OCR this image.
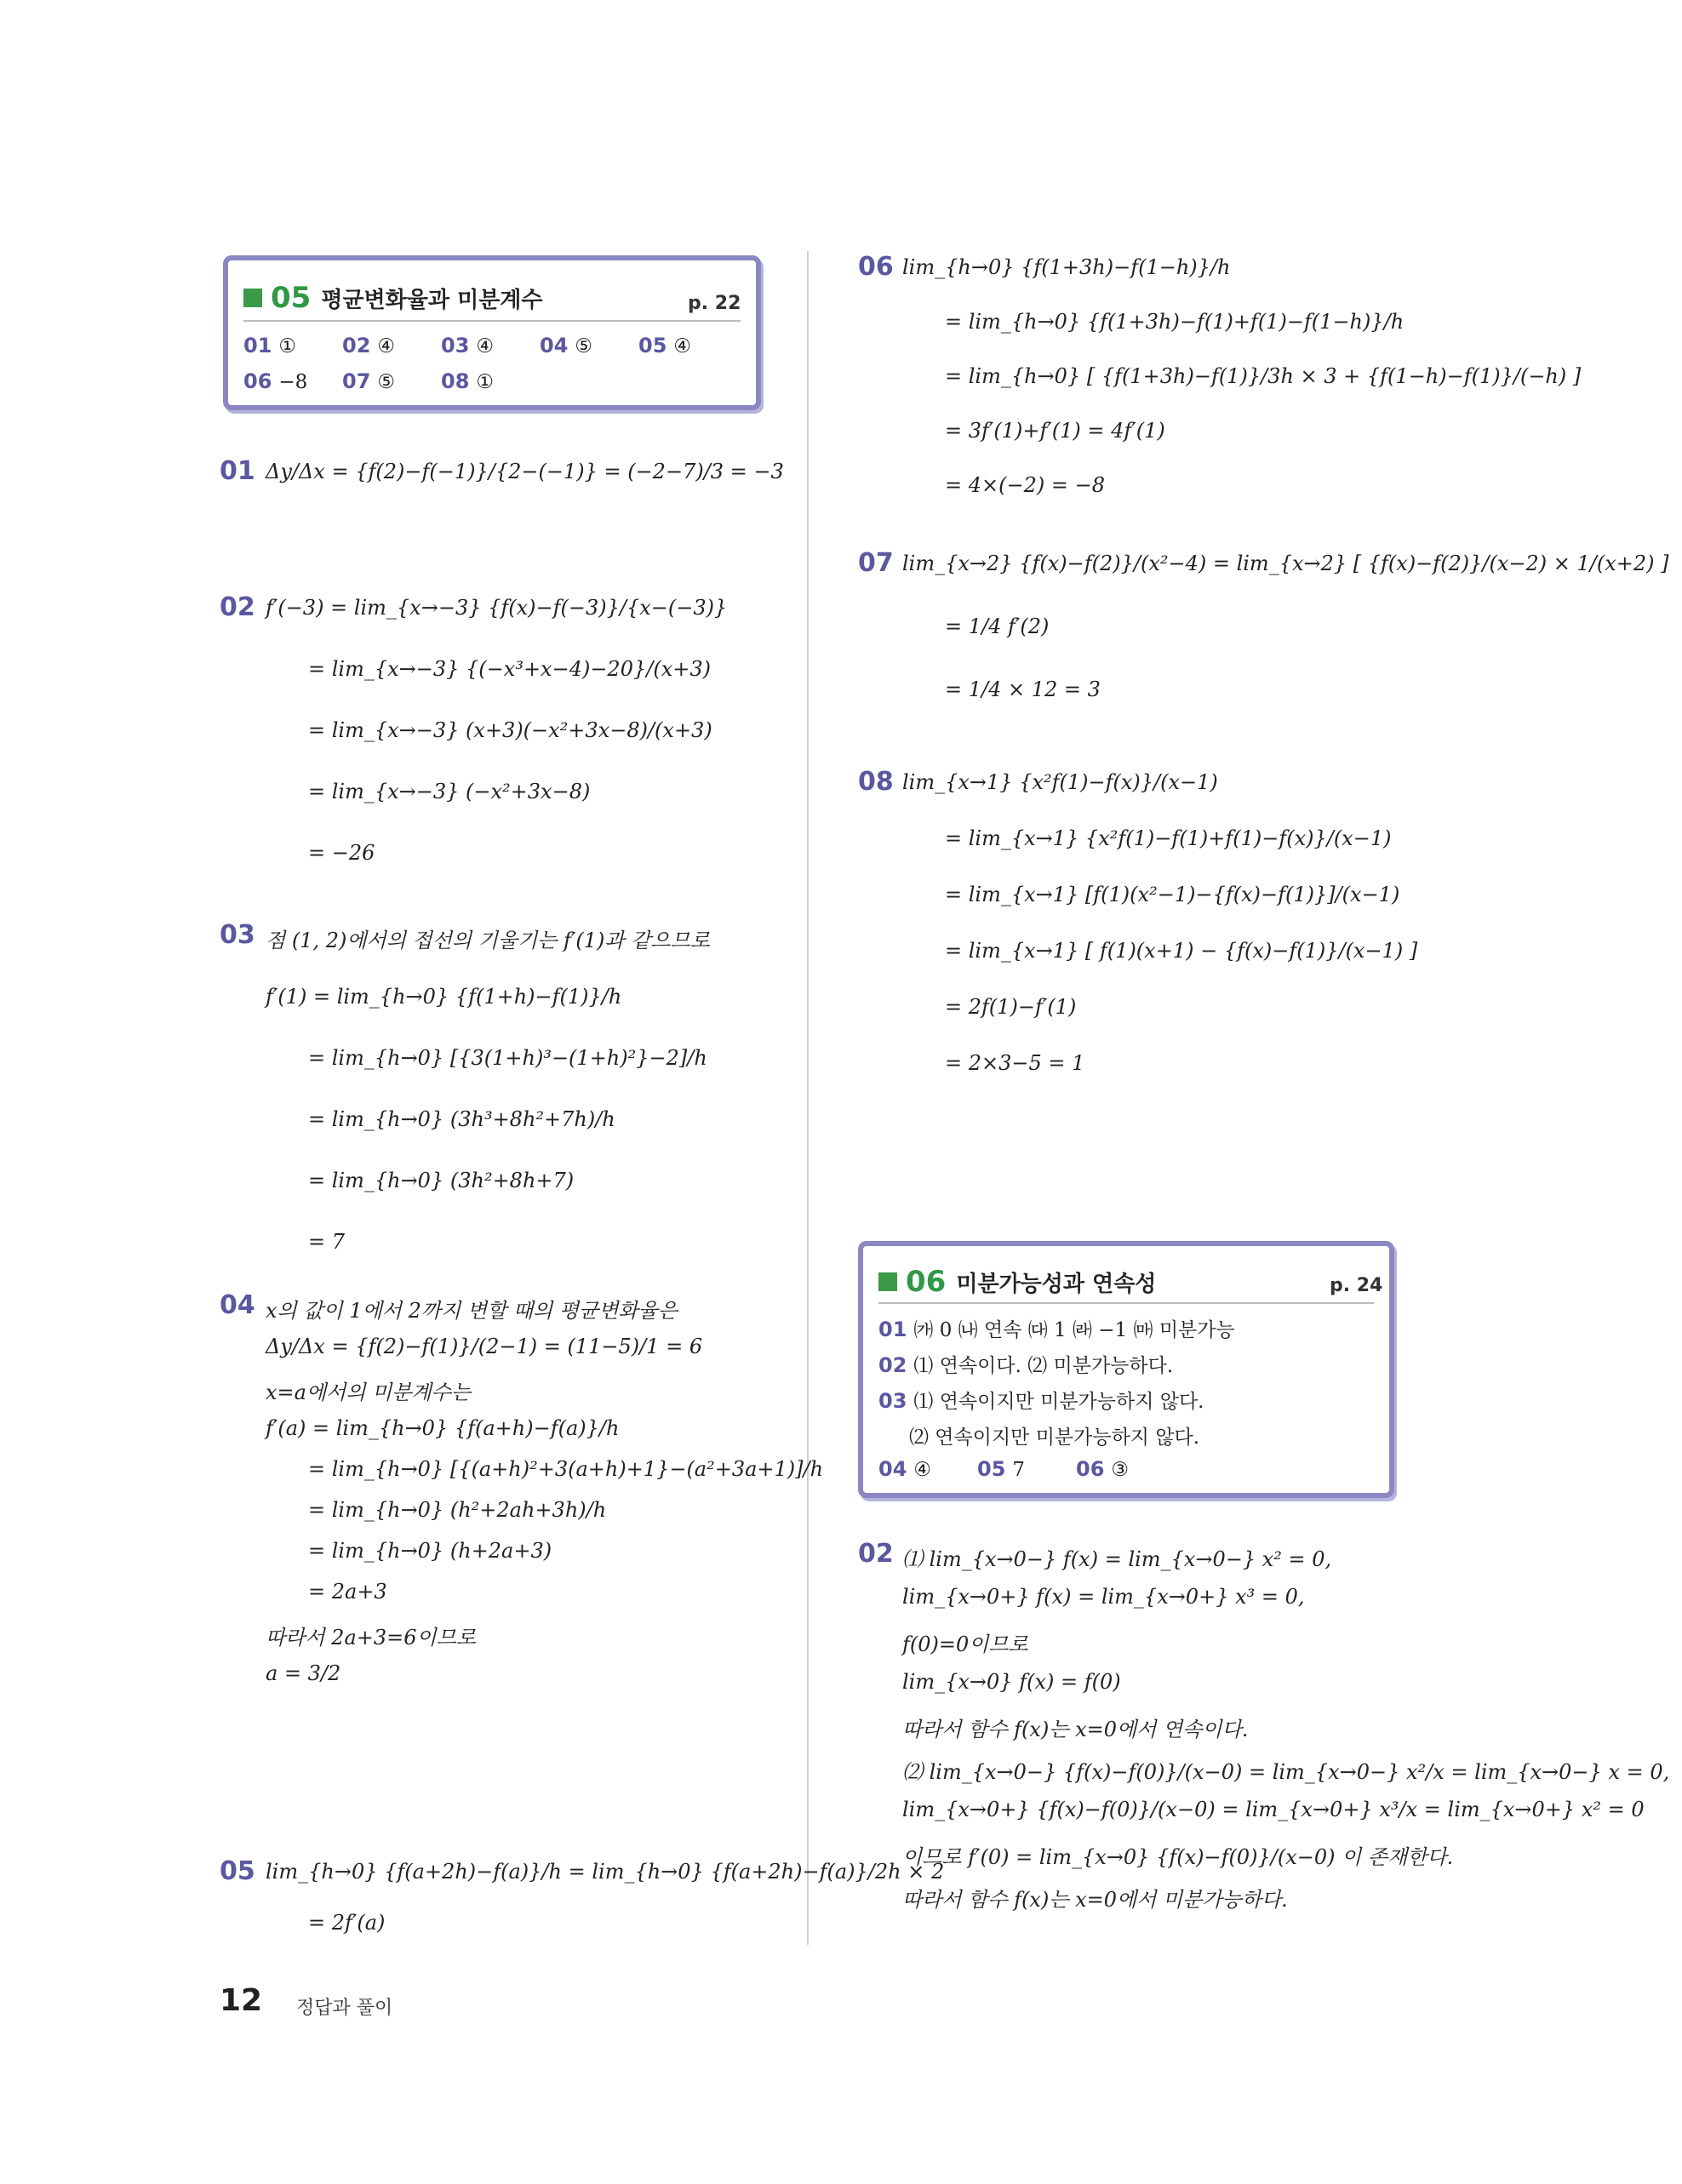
05 평균변화율과 미분계수	p. 22
01 ① 02 ④ 03 ④ 04 ⑤ 05 ④
06 −8 07 ⑤ 08 ①
06 미분가능성과 연속성	p. 24
01 ㈎ 0 ㈏ 연속 ㈐ 1 ㈑ −1 ㈒ 미분가능
02 ⑴ 연속이다. ⑵ 미분가능하다.
03 ⑴ 연속이지만 미분가능하지 않다.
⑵ 연속이지만 미분가능하지 않다.
04 ④ 05 7 06 ③
01 Δy/Δx = {f(2)−f(−1)}/{2−(−1)} = (−2−7)/3 = −3
02 f′(−3) = lim_{x→−3} {f(x)−f(−3)}/{x−(−3)}
= lim_{x→−3} {(−x³+x−4)−20}/(x+3)
= lim_{x→−3} (x+3)(−x²+3x−8)/(x+3)
= lim_{x→−3} (−x²+3x−8)
= −26
03 점 (1, 2)에서의 접선의 기울기는 f′(1)과 같으므로
f′(1) = lim_{h→0} {f(1+h)−f(1)}/h
= lim_{h→0} [{3(1+h)³−(1+h)²}−2]/h
= lim_{h→0} (3h³+8h²+7h)/h
= lim_{h→0} (3h²+8h+7)
= 7
04 x의 값이 1에서 2까지 변할 때의 평균변화율은
Δy/Δx = {f(2)−f(1)}/(2−1) = (11−5)/1 = 6
x=a에서의 미분계수는
f′(a) = lim_{h→0} {f(a+h)−f(a)}/h
= lim_{h→0} [{(a+h)²+3(a+h)+1}−(a²+3a+1)]/h
= lim_{h→0} (h²+2ah+3h)/h
= lim_{h→0} (h+2a+3)
= 2a+3
따라서 2a+3=6이므로
a = 3/2
05 lim_{h→0} {f(a+2h)−f(a)}/h = lim_{h→0} {f(a+2h)−f(a)}/2h × 2
= 2f′(a)
06 lim_{h→0} {f(1+3h)−f(1−h)}/h
= lim_{h→0} {f(1+3h)−f(1)+f(1)−f(1−h)}/h
= lim_{h→0} [ {f(1+3h)−f(1)}/3h × 3 + {f(1−h)−f(1)}/(−h) ]
= 3f′(1)+f′(1) = 4f′(1)
= 4×(−2) = −8
07 lim_{x→2} {f(x)−f(2)}/(x²−4) = lim_{x→2} [ {f(x)−f(2)}/(x−2) × 1/(x+2) ]
= 1/4 f′(2)
= 1/4 × 12 = 3
08 lim_{x→1} {x²f(1)−f(x)}/(x−1)
= lim_{x→1} {x²f(1)−f(1)+f(1)−f(x)}/(x−1)
= lim_{x→1} [f(1)(x²−1)−{f(x)−f(1)}]/(x−1)
= lim_{x→1} [ f(1)(x+1) − {f(x)−f(1)}/(x−1) ]
= 2f(1)−f′(1)
= 2×3−5 = 1
02 ⑴ lim_{x→0−} f(x) = lim_{x→0−} x² = 0,
lim_{x→0+} f(x) = lim_{x→0+} x³ = 0,
f(0)=0이므로
lim_{x→0} f(x) = f(0)
따라서 함수 f(x)는 x=0에서 연속이다.
⑵ lim_{x→0−} {f(x)−f(0)}/(x−0) = lim_{x→0−} x²/x = lim_{x→0−} x = 0,
lim_{x→0+} {f(x)−f(0)}/(x−0) = lim_{x→0+} x³/x = lim_{x→0+} x² = 0
이므로 f′(0) = lim_{x→0} {f(x)−f(0)}/(x−0) 이 존재한다.
따라서 함수 f(x)는 x=0에서 미분가능하다.
12 정답과 풀이
